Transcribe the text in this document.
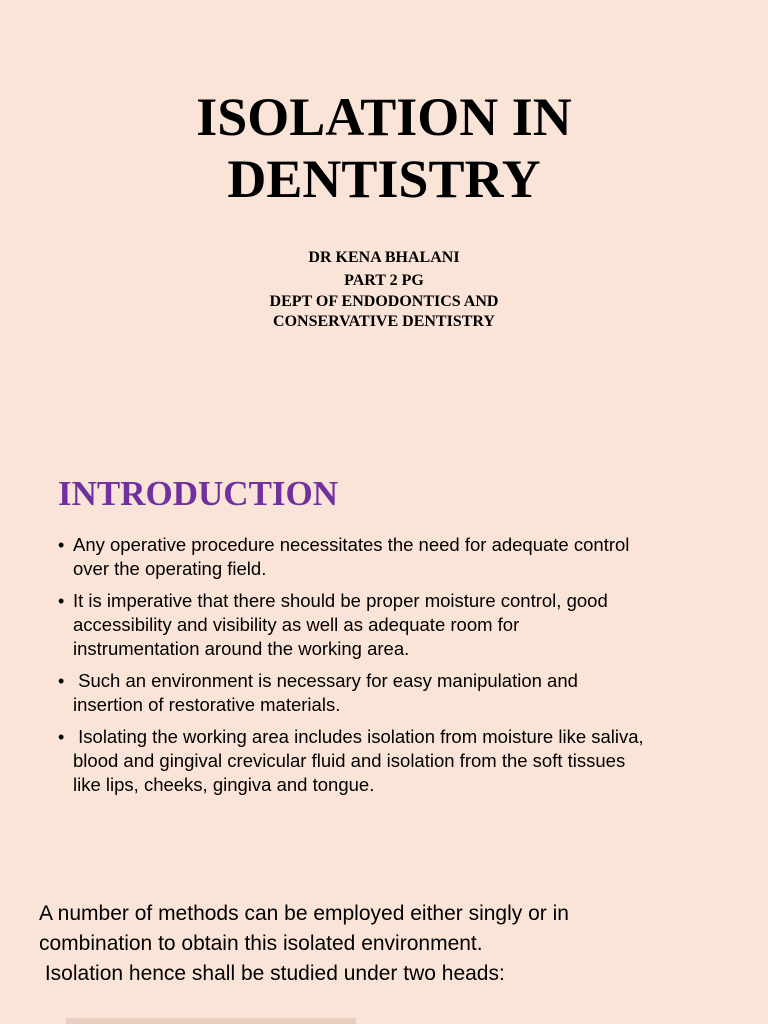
ISOLATION IN
DENTISTRY
DR KENA BHALANI
PART 2 PG
DEPT OF ENDODONTICS AND
CONSERVATIVE DENTISTRY
INTRODUCTION
• Any operative procedure necessitates the need for adequate control
over the operating field.
• It is imperative that there should be proper moisture control, good
accessibility and visibility as well as adequate room for
instrumentation around the working area.
• Such an environment is necessary for easy manipulation and
insertion of restorative materials.
• Isolating the working area includes isolation from moisture like saliva,
blood and gingival crevicular fluid and isolation from the soft tissues
like lips, cheeks, gingiva and tongue.
A number of methods can be employed either singly or in
combination to obtain this isolated environment.
Isolation hence shall be studied under two heads:
